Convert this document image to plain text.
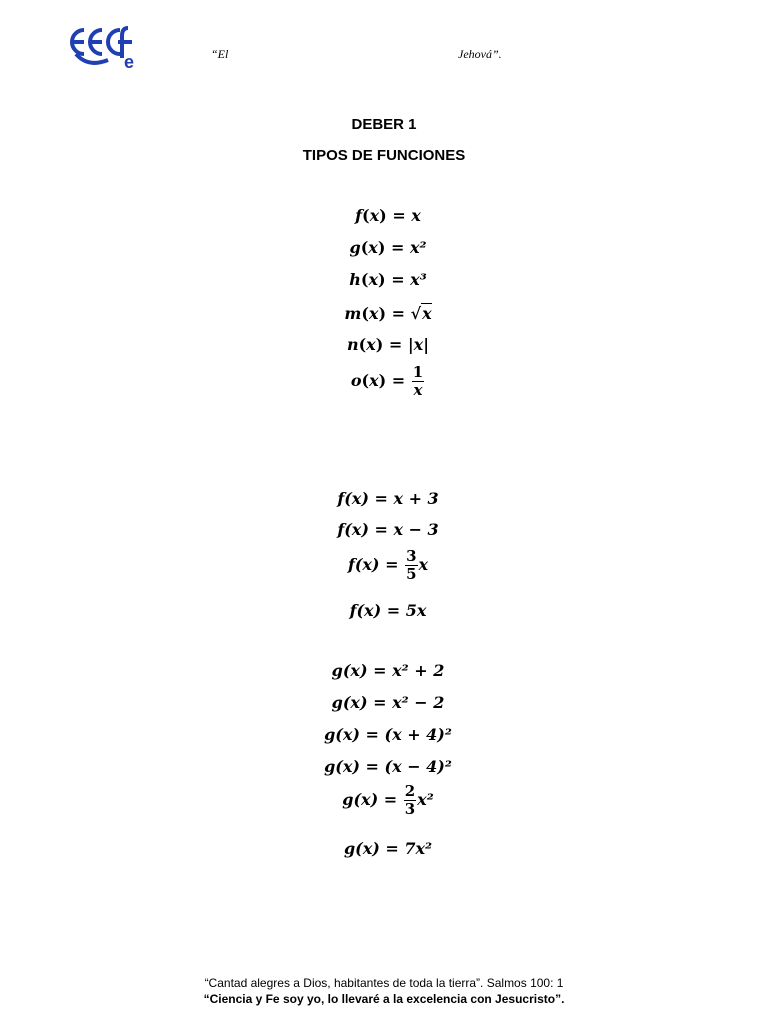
e	“El	Jehová”.
DEBER 1
TIPOS DE FUNCIONES
f(x) = x
g(x) = x²
h(x) = x³
m(x) = √x
n(x) = |x|
$o(x) = \frac{1}{x}$
f(x) = x + 3
f(x) = x − 3
$f(x) = \frac{3}{5}$ x
f(x) = 5x
g(x) = x² + 2
g(x) = x² − 2
g(x) = (x + 4)²
g(x) = (x − 4)²
$g(x) = \frac{2}{3} x^2$
g(x) = 7x²
“Cantad alegres a Dios, habitantes de toda la tierra”. Salmos 100: 1
“Ciencia y Fe soy yo, lo llevaré a la excelencia con Jesucristo”.
